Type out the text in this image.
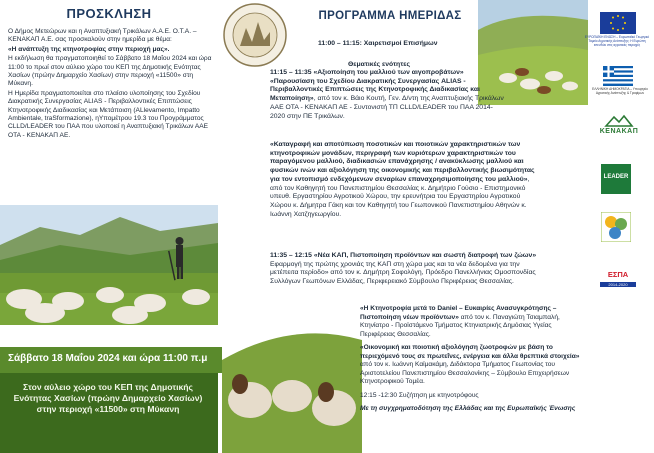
ΠΡΟΣΚΛΗΣΗ

Ο Δήμος Μετεώρων και η Αναπτυξιακή Τρικάλων Α.Α.Ε. Ο.Τ.Α. – ΚΕΝΑΚΑΠ Α.Ε. σας προσκαλούν στην ημερίδα με θέμα:

«Η ανάπτυξη της κτηνοτροφίας στην περιοχή μας».

Η εκδήλωση θα πραγματοποιηθεί το Σάββατο 18 Μαΐου 2024 και ώρα 11:00 το πρωί στον αύλειο χώρο του ΚΕΠ της Δημοτικής Ενότητας Χασίων (πρώην Δημαρχείο Χασίων) στην περιοχή «11500» στη Μύκανη.

Η Ημερίδα πραγματοποιείται στο πλαίσιο υλοποίησης του Σχεδίου Διακρατικής Συνεργασίας ALIAS - Περιβαλλοντικές Επιπτώσεις Κτηνοτροφικής Διαδικασίας και Μετάποιση (ALlevamento, Impatto Ambientale, traSformazione), ηΥπομέτρου 19.3 του Προγράμματος CLLD/LEADER του ΠΑΑ που υλοποιεί η Αναπτυξιακή Τρικάλων ΑΑΕ ΟΤΑ - ΚΕΝΑΚΑΠ ΑΕ.

Σάββατο 18 Μαΐου 2024 και ώρα 11:00 π.μ
Στον αύλειο χώρο του ΚΕΠ της Δημοτικής Ενότητας Χασίων (πρώην Δημαρχείο Χασίων) στην περιοχή «11500» στη Μύκανη
ΠΡΟΓΡΑΜΜΑ ΗΜΕΡΙΔΑΣ
11:00 – 11:15: Χαιρετισμοί Επισήμων
Θεματικές ενότητες
11:15 – 11:35 «Αξιοποίηση του μαλλιού των αιγοπροβάτων» «Παρουσίαση του Σχεδίου Διακρατικής Συνεργασίας ALIAS - Περιβαλλοντικές Επιπτώσεις της Κτηνοτροφικής Διαδικασίας και Μεταποίηση», από τον κ. Βάιο Κουτή, Γεν. Δ/ντη της Αναπτυξιακής Τρικάλων ΑΑΕ ΟΤΑ - ΚΕΝΑΚΑΠ ΑΕ - Συντονιστή ΤΠ CLLD/LEADER του ΠΑΑ 2014-2020 στην ΠΕ Τρικάλων.
«Καταγραφή και αποτύπωση ποσοτικών και ποιοτικών χαρακτηριστικών των κτηνοτροφικών μονάδων, περιγραφή των κυριότερων χαρακτηριστικών του παραγόμενου μαλλιού, διαδικασιών επανάχρησης / ανακύκλωσης μαλλιού και φυσικών ινών και αξιολόγηση της οικονομικής και περιβαλλοντικής βιωσιμότητας για τον εντοπισμό ενδεχόμενων σεναρίων επαναχρησιμοποίησης του μαλλιού», από τον Καθηγητή του Πανεπιστημίου Θεσσαλίας κ. Δημήτριο Γούσιο - Επιστημονικό υπευθ. Εργαστηρίου Αγροτικού Χώρου, την ερευνήτρια του Εργαστηρίου Αγροτικού Χώρου κ. Δήμητρα Γάκη και τον Καθηγητή του Γεωπονικού Πανεπιστημίου Αθηνών κ. Ιωάννη Χατζηγεωργίου.
11:35 – 12:15 «Νέα ΚΑΠ, Πιστοποίηση προϊόντων και σωστή διατροφή των ζώων»
Εφαρμογή της πρώτης χρονιάς της ΚΑΠ στη χώρα μας και τα νέα δεδομένα για την μετέπειτα περίοδο» από τον κ. Δημήτρη Σοφολόγη, Πρόεδρο Πανελλήνιας Ομοσπονδίας Συλλόγων Γεωπόνων Ελλάδας, Περιφερειακό Σύμβουλο Περιφέρειας Θεσσαλίας.

«Η Κτηνοτροφία μετά το Daniel – Ευκαιρίες Ανασυγκρότησης – Πιστοποίηση νέων προϊόντων» από τον κ. Παναγιώτη Τσιαμπαλή, Κτηνίατρο - Προϊστάμενο Τμήματος Κτηνιατρικής Δημόσιας Υγείας Περιφέρειας Θεσσαλίας.

«Οικονομική και ποιοτική αξιολόγηση ζωοτροφών με βάση το περιεχόμενό τους σε πρωτεΐνες, ενέργεια και άλλα θρεπτικά στοιχεία» από τον κ. Ιωάννη Καϊμακάμη, Διδάκτορα Τμήματος Γεωπονίας του Αριστοτελείου Πανεπιστημίου Θεσσαλονίκης – Σύμβουλο Επιχειρήσεων Κτηνοτροφικού Τομέα.

12:15 -12:30 Συζήτηση με κτηνοτρόφους

Με τη συγχρηματοδότηση της Ελλάδας και της Ευρωπαϊκής Ένωσης

ΕΥΡΩΠΑΪΚΗ ΕΝΩΣΗ – Ευρωπαϊκό Γεωργικό Ταμείο Αγροτικής Ανάπτυξης: Η Ευρώπη επενδύει στις αγροτικές περιοχές
ΕΛΛΗΝΙΚΗ ΔΗΜΟΚΡΑΤΙΑ – Υπουργείο Αγροτικής Ανάπτυξης & Τροφίμων
ΚΕΝΑΚΑΠ
LEADER
ΕΣΠΑ
2014-2020
